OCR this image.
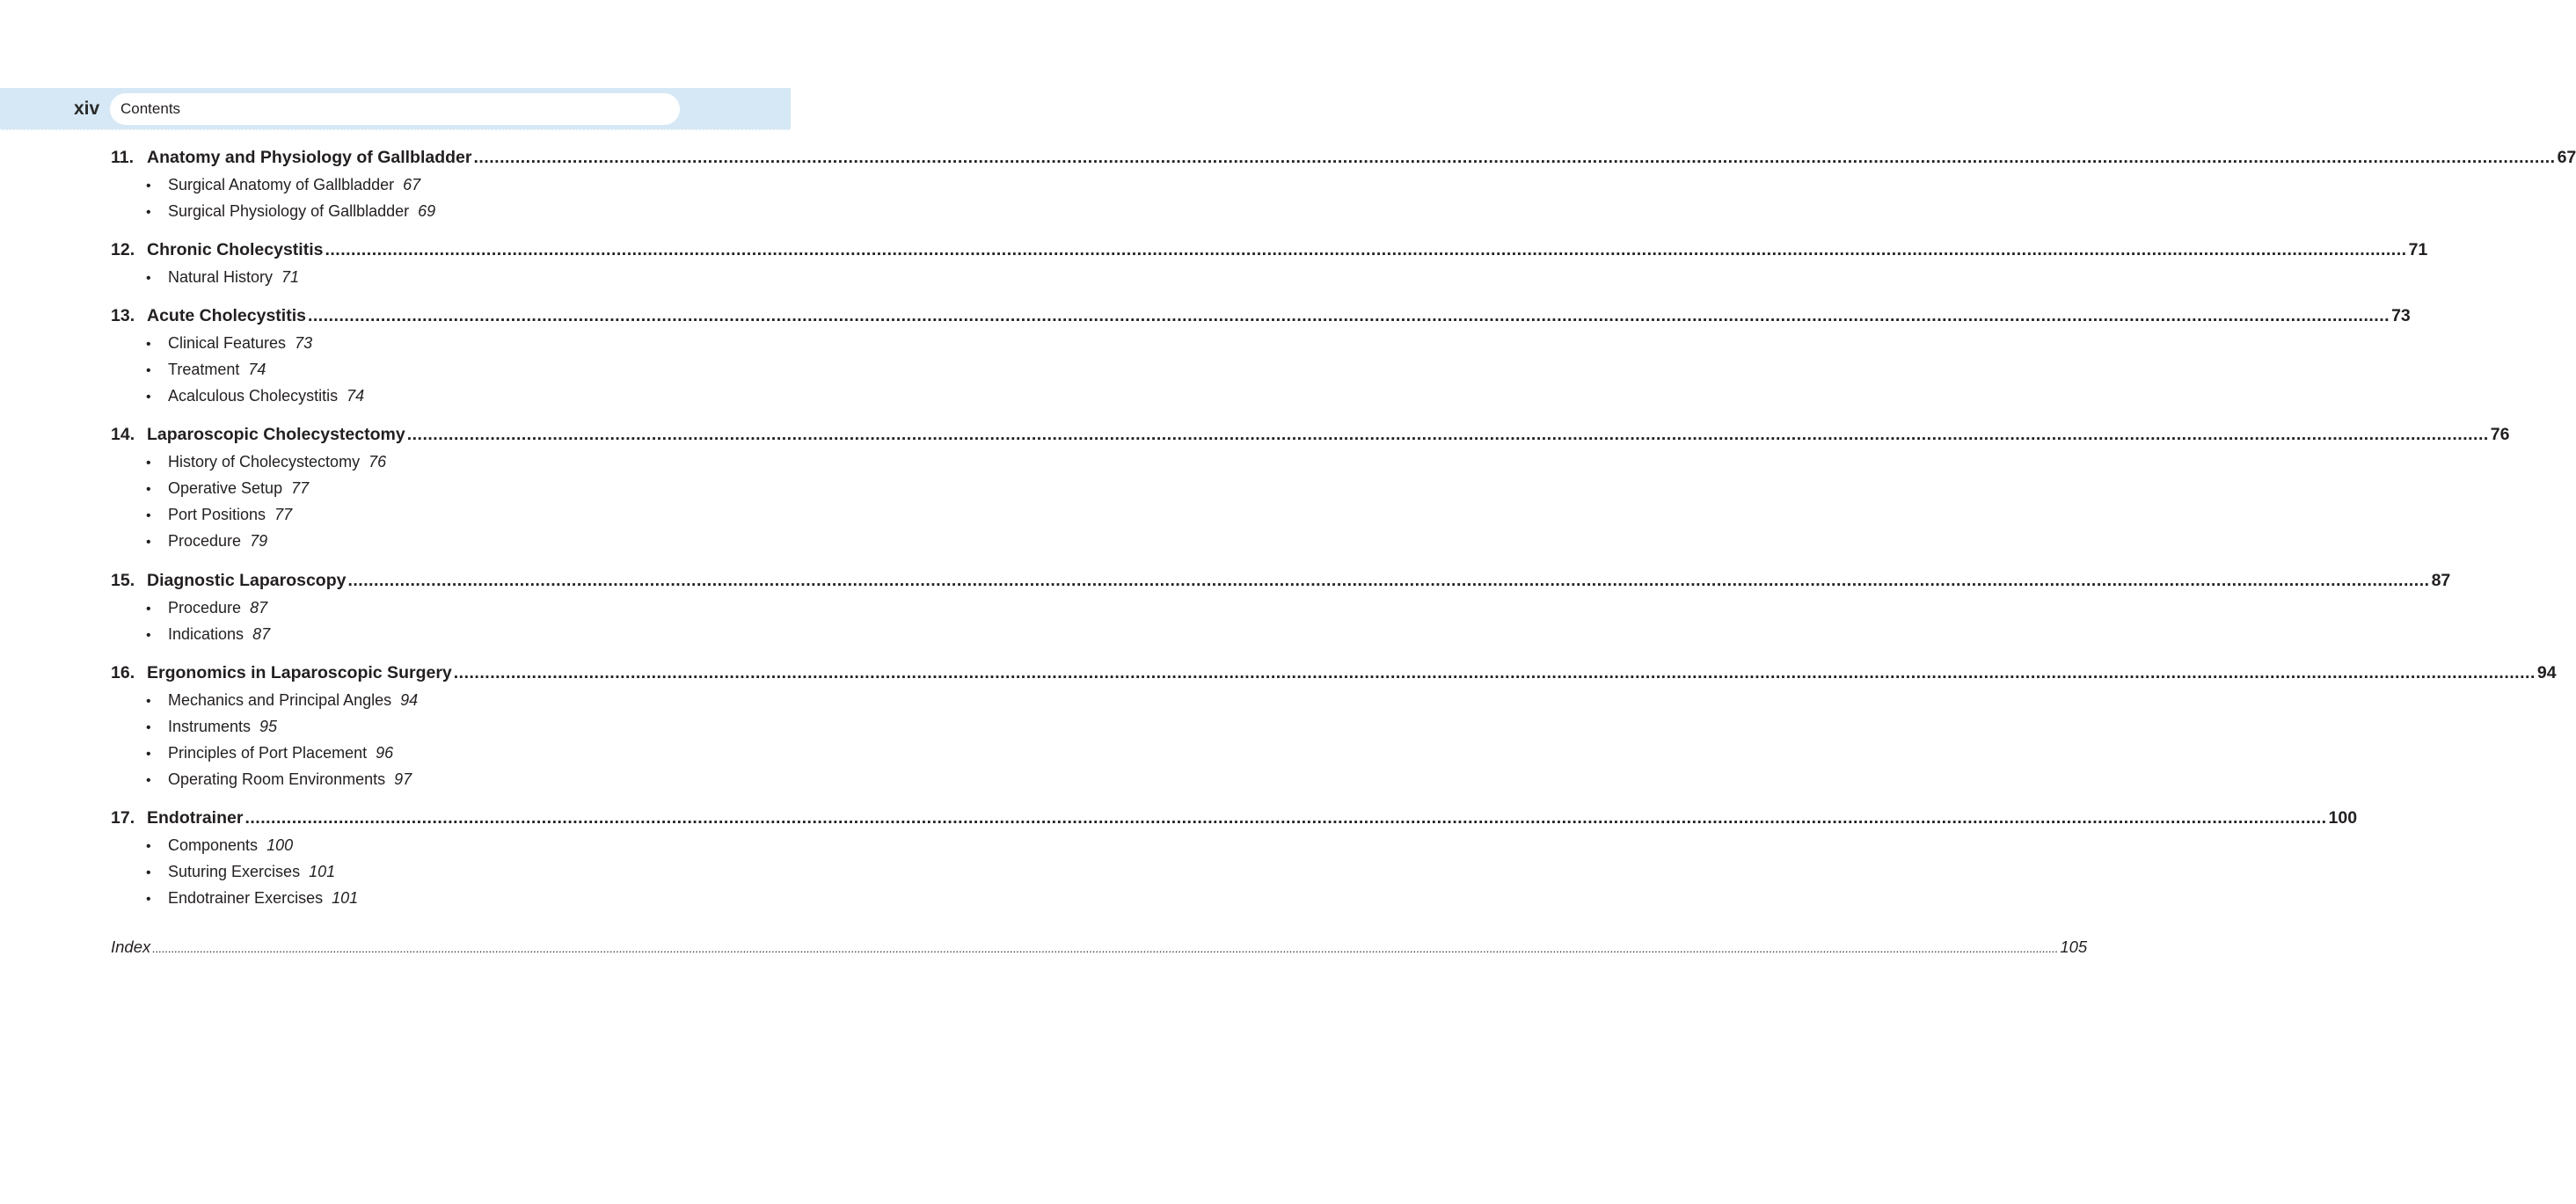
xiv	Contents
11. Anatomy and Physiology of Gallbladder ................................................................................................................................................................................................................................................................................................................................................................................................................ 67
•	Surgical Anatomy of Gallbladder 67
•	Surgical Physiology of Gallbladder 69
12. Chronic Cholecystitis ................................................................................................................................................................................................................................................................................................................................................................................................................ 71
•	Natural History 71
13. Acute Cholecystitis ................................................................................................................................................................................................................................................................................................................................................................................................................ 73
•	Clinical Features 73
•	Treatment 74
•	Acalculous Cholecystitis 74
14. Laparoscopic Cholecystectomy ................................................................................................................................................................................................................................................................................................................................................................................................................ 76
•	History of Cholecystectomy 76
•	Operative Setup 77
•	Port Positions 77
•	Procedure 79
15. Diagnostic Laparoscopy ................................................................................................................................................................................................................................................................................................................................................................................................................ 87
•	Procedure 87
•	Indications 87
16. Ergonomics in Laparoscopic Surgery ................................................................................................................................................................................................................................................................................................................................................................................................................ 94
•	Mechanics and Principal Angles 94
•	Instruments 95
•	Principles of Port Placement 96
•	Operating Room Environments 97
17. Endotrainer ................................................................................................................................................................................................................................................................................................................................................................................................................ 100
•	Components 100
•	Suturing Exercises 101
•	Endotrainer Exercises 101
Index ........................................................................................................................................................................................................................................................................................................................................................................................................................................................................................................................................................................................................................ 105
